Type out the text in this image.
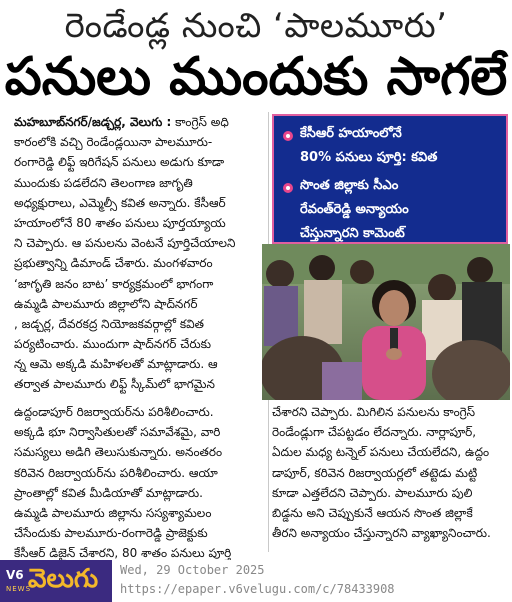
రెండేండ్ల నుంచి ‘పాలమూరు’
పనులు ముందుకు సాగలే
మహబూబ్‌నగర్/జడ్చర్ల, వెలుగు : కాంగ్రెస్ అధి
కారంలోకి వచ్చి రెండేండ్లయినా పాలమూరు-
రంగారెడ్డి లిఫ్ట్ ఇరిగేషన్ పనులు అడుగు కూడా
ముందుకు పడలేదని తెలంగాణ జాగృతి
అధ్యక్షురాలు, ఎమ్మెల్సీ కవిత అన్నారు. కేసీఆర్
హయాంలోనే 80 శాతం పనులు పూర్తయ్యాయ
ని చెప్పారు. ఆ పనులను వెంటనే పూర్తిచేయాలని
ప్రభుత్వాన్ని డిమాండ్ చేశారు. మంగళవారం
‘జాగృతి జనం బాట’ కార్యక్రమంలో భాగంగా
ఉమ్మడి పాలమూరు జిల్లాలోని షాద్‌నగర్
, జడ్చర్ల, దేవరకద్ర నియోజకవర్గాల్లో కవిత
పర్యటించారు. ముందుగా షాద్‌నగర్ చేరుకు
న్న ఆమె అక్కడి మహిళలతో మాట్లాడారు. ఆ
తర్వాత పాలమూరు లిఫ్ట్ స్కీమ్‌లో భాగమైన
ఉద్దండాపూర్ రిజర్వాయర్‌ను పరిశీలించారు.
అక్కడి భూ నిర్వాసితులతో సమావేశమై, వారి
సమస్యలు అడిగి తెలుసుకున్నారు. అనంతరం
కరివెన రిజర్వాయర్‌ను పరిశీలించారు. ఆయా
ప్రాంతాల్లో కవిత మీడియాతో మాట్లాడారు.
ఉమ్మడి పాలమూరు జిల్లాను సస్యశ్యామలం
చేసేందుకు పాలమూరు-రంగారెడ్డి ప్రాజెక్టుకు
కేసీఆర్ డిజైన్ చేశారని, 80 శాతం పనులు పూర్తి
కేసీఆర్ హయాంలోనే
80% పనులు పూర్తి: కవిత
సొంత జిల్లాకు సీఎం
రేవంత్‌రెడ్డి అన్యాయం
చేస్తున్నారని కామెంట్
చేశారని చెప్పారు. మిగిలిన పనులను కాంగ్రెస్
రెండేండ్లుగా చేపట్టడం లేదన్నారు. నార్లాపూర్,
ఏదుల మధ్య టన్నెల్ పనులు చేయలేదని, ఉద్దం
డాపూర్, కరివెన రిజర్వాయర్లలో తట్టెడు మట్టి
కూడా ఎత్తలేదని చెప్పారు. పాలమూరు పులి
బిడ్డను అని చెప్పుకునే ఆయన సొంత జిల్లాకే
తీరని అన్యాయం చేస్తున్నారని వ్యాఖ్యానించారు.
V6
NEWS
వెలుగు Wed, 29 October 2025
https://epaper.v6velugu.com/c/78433908
